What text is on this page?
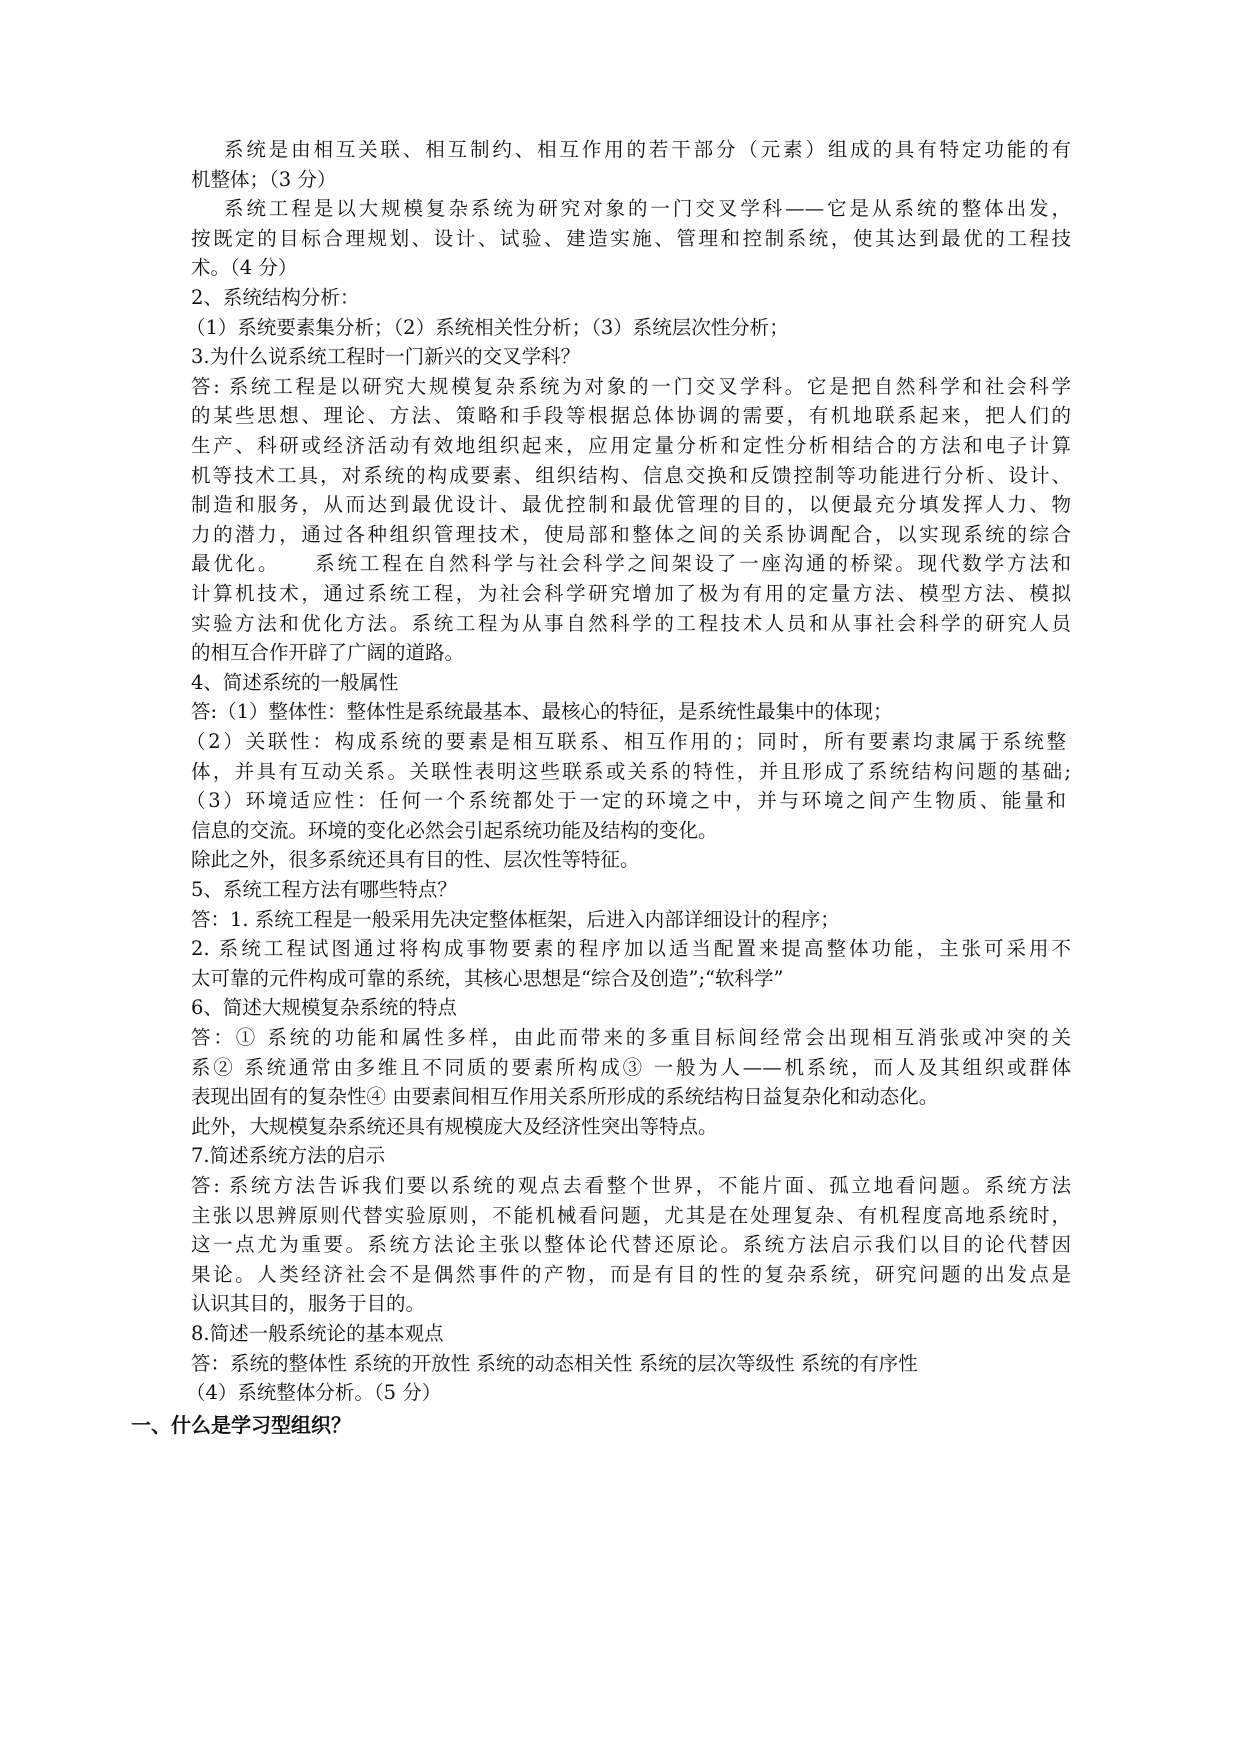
系统是由相互关联、相互制约、相互作用的若干部分（元素）组成的具有特定功能的有
机整体；（3 分）
系统工程是以大规模复杂系统为研究对象的一门交叉学科——它是从系统的整体出发，
按既定的目标合理规划、设计、试验、建造实施、管理和控制系统，使其达到最优的工程技
术。（4 分）
2、系统结构分析：
（1）系统要素集分析；（2）系统相关性分析；（3）系统层次性分析；
3.为什么说系统工程时一门新兴的交叉学科？
答: 系统工程是以研究大规模复杂系统为对象的一门交叉学科。它是把自然科学和社会科学
的某些思想、理论、方法、策略和手段等根据总体协调的需要，有机地联系起来，把人们的
生产、科研或经济活动有效地组织起来，应用定量分析和定性分析相结合的方法和电子计算
机等技术工具，对系统的构成要素、组织结构、信息交换和反馈控制等功能进行分析、设计、
制造和服务，从而达到最优设计、最优控制和最优管理的目的，以便最充分填发挥人力、物
力的潜力，通过各种组织管理技术，使局部和整体之间的关系协调配合，以实现系统的综合
最优化。　　系统工程在自然科学与社会科学之间架设了一座沟通的桥梁。现代数学方法和
计算机技术，通过系统工程，为社会科学研究增加了极为有用的定量方法、模型方法、模拟
实验方法和优化方法。系统工程为从事自然科学的工程技术人员和从事社会科学的研究人员
的相互合作开辟了广阔的道路。
4、简述系统的一般属性
答:（1）整体性：整体性是系统最基本、最核心的特征，是系统性最集中的体现；
（2）关联性：构成系统的要素是相互联系、相互作用的；同时，所有要素均隶属于系统整
体，并具有互动关系。关联性表明这些联系或关系的特性，并且形成了系统结构问题的基础;
（3）环境适应性：任何一个系统都处于一定的环境之中，并与环境之间产生物质、能量和
信息的交流。环境的变化必然会引起系统功能及结构的变化。
除此之外，很多系统还具有目的性、层次性等特征。
5、系统工程方法有哪些特点？
答：1. 系统工程是一般采用先决定整体框架，后进入内部详细设计的程序；
2. 系统工程试图通过将构成事物要素的程序加以适当配置来提高整体功能，主张可采用不
太可靠的元件构成可靠的系统，其核心思想是“综合及创造”;“软科学”
6、简述大规模复杂系统的特点
答：① 系统的功能和属性多样，由此而带来的多重目标间经常会出现相互消张或冲突的关
系② 系统通常由多维且不同质的要素所构成③ 一般为人——机系统，而人及其组织或群体
表现出固有的复杂性④ 由要素间相互作用关系所形成的系统结构日益复杂化和动态化。
此外，大规模复杂系统还具有规模庞大及经济性突出等特点。
7.简述系统方法的启示
答: 系统方法告诉我们要以系统的观点去看整个世界，不能片面、孤立地看问题。系统方法
主张以思辨原则代替实验原则，不能机械看问题，尤其是在处理复杂、有机程度高地系统时，
这一点尤为重要。系统方法论主张以整体论代替还原论。系统方法启示我们以目的论代替因
果论。人类经济社会不是偶然事件的产物，而是有目的性的复杂系统，研究问题的出发点是
认识其目的，服务于目的。
8.简述一般系统论的基本观点
答：系统的整体性 系统的开放性 系统的动态相关性 系统的层次等级性 系统的有序性
（4）系统整体分析。（5 分）
一、什么是学习型组织？
